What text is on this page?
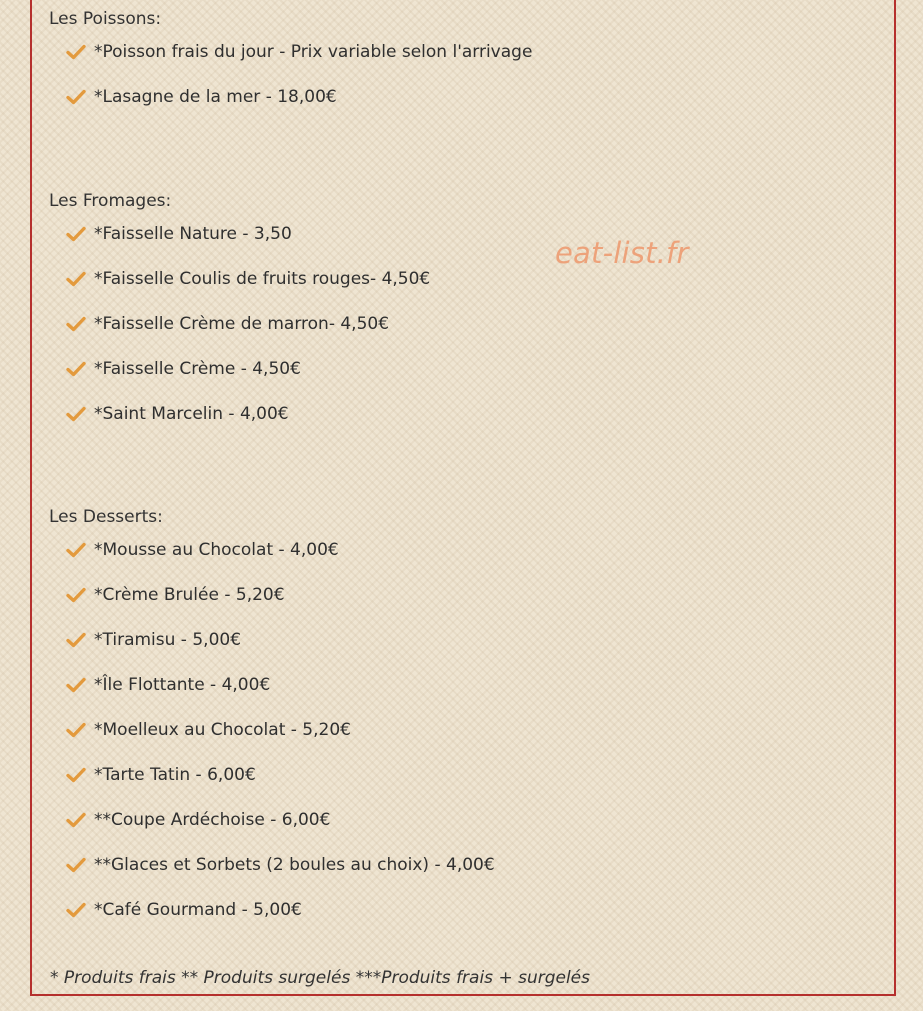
Les Poissons:
*Poisson frais du jour - Prix variable selon l'arrivage
*Lasagne de la mer - 18,00€
Les Fromages:
*Faisselle Nature - 3,50
*Faisselle Coulis de fruits rouges- 4,50€
*Faisselle Crème de marron- 4,50€
*Faisselle Crème - 4,50€
*Saint Marcelin - 4,00€
Les Desserts:
*Mousse au Chocolat - 4,00€
*Crème Brulée - 5,20€
*Tiramisu - 5,00€
*Île Flottante - 4,00€
*Moelleux au Chocolat - 5,20€
*Tarte Tatin - 6,00€
**Coupe Ardéchoise - 6,00€
**Glaces et Sorbets (2 boules au choix) - 4,00€
*Café Gourmand - 5,00€
* Produits frais ** Produits surgelés ***Produits frais + surgelés
eat-list.fr
